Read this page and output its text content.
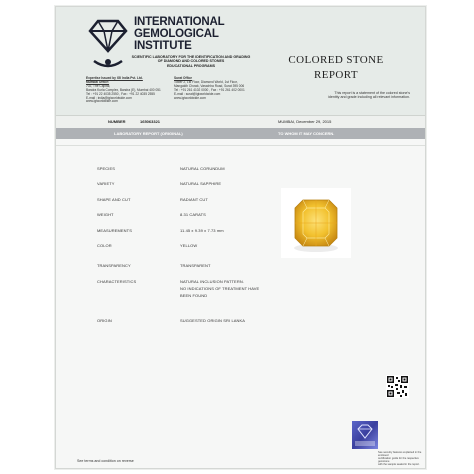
INTERNATIONAL
GEMOLOGICAL
INSTITUTE
SCIENTIFIC LABORATORY FOR THE IDENTIFICATION AND GRADING
OF DIAMOND AND COLORED STONES
EDUCATIONAL PROGRAMS
Expertise Issued by IGI India Pvt. Ltd.
Mumbai Office:
702, The Capital,
Bandra Kurla Complex, Bandra (E), Mumbai 400 051
Tel : +91 22 4035 2550 , Fax : +91 22 4035 2555
E-mail : india@igiworldwide.com
www.igiworldwide.com
Surat Office
Tower 2, 1st Floor, Diamond World, 1st Floor,
Mangaldh Chowk, Varachha Road, Surat 395 006
Tel : +91 261 4102 0000 , Fax : +91 261 402 0001
E-mail : surat@igiworldwide.com
www.igiworldwide.com
COLORED STONE
REPORT
This report is a statement of the colored stone's
identity and grade including all relevant information.
NUMBER	165063321	MUMBAI, December 29, 2015
LABORATORY REPORT (ORIGINAL)	TO WHOM IT MAY CONCERN.
SPECIES	NATURAL CORUNDUM
VARIETY	NATURAL SAPPHIRE
SHAPE AND CUT	RADIANT CUT
WEIGHT	8.31 CARATS
MEASUREMENTS	11.45 x 9.39 x 7.73 mm
COLOR	YELLOW
TRANSPARENCY	TRANSPARENT
CHARACTERISTICS	NATURAL INCLUSION PATTERN.
NO INDICATIONS OF TREATMENT HAVE
BEEN FOUND
ORIGIN	SUGGESTED ORIGIN SRI LANKA
See security features explained in the enclosed
certification guide for the respective gemstone
with the sample sealed in the report.
See terms and condition on reverse
